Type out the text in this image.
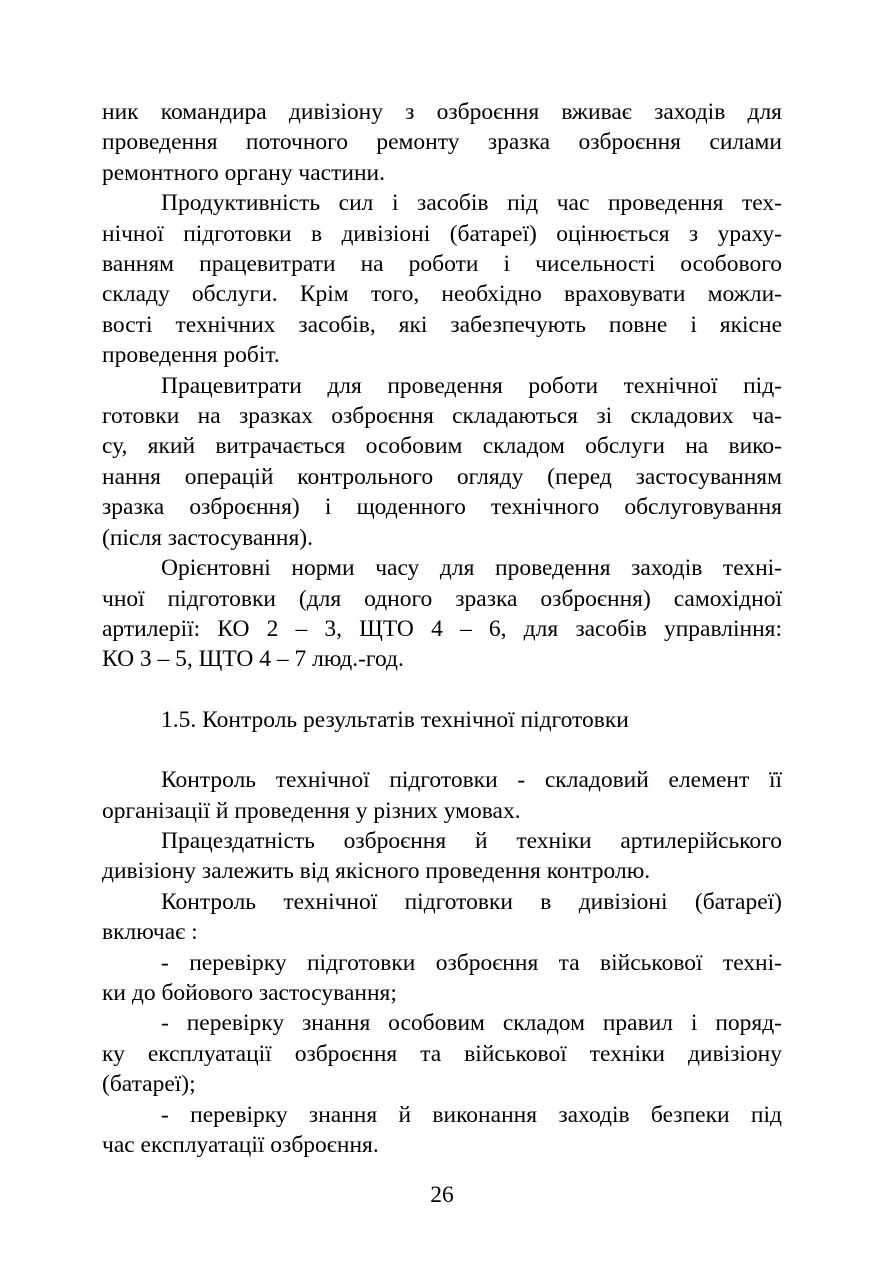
ник командира дивізіону з озброєння вживає заходів для
проведення поточного ремонту зразка озброєння силами
ремонтного органу частини.

Продуктивність сил і засобів під час проведення тех-
нічної підготовки в дивізіоні (батареї) оцінюється з ураху-
ванням працевитрати на роботи і чисельності особового
складу обслуги. Крім того, необхідно враховувати можли-
вості технічних засобів, які забезпечують повне і якісне
проведення робіт.

Працевитрати для проведення роботи технічної під-
готовки на зразках озброєння складаються зі складових ча-
су, який витрачається особовим складом обслуги на вико-
нання операцій контрольного огляду (перед застосуванням
зразка озброєння) і щоденного технічного обслуговування
(після застосування).

Орієнтовні норми часу для проведення заходів техні-
чної підготовки (для одного зразка озброєння) самохідної
артилерії: КО 2 – 3, ЩТО 4 – 6, для засобів управління:
КО 3 – 5, ЩТО 4 – 7 люд.-год.

1.5. Контроль результатів технічної підготовки

Контроль технічної підготовки - складовий елемент її
організації й проведення у різних умовах.

Працездатність озброєння й техніки артилерійського
дивізіону залежить від якісного проведення контролю.

Контроль технічної підготовки в дивізіоні (батареї)
включає :

- перевірку підготовки озброєння та військової техні-
ки до бойового застосування;

- перевірку знання особовим складом правил і поряд-
ку експлуатації озброєння та військової техніки дивізіону
(батареї);

- перевірку знання й виконання заходів безпеки під
час експлуатації озброєння.

26
